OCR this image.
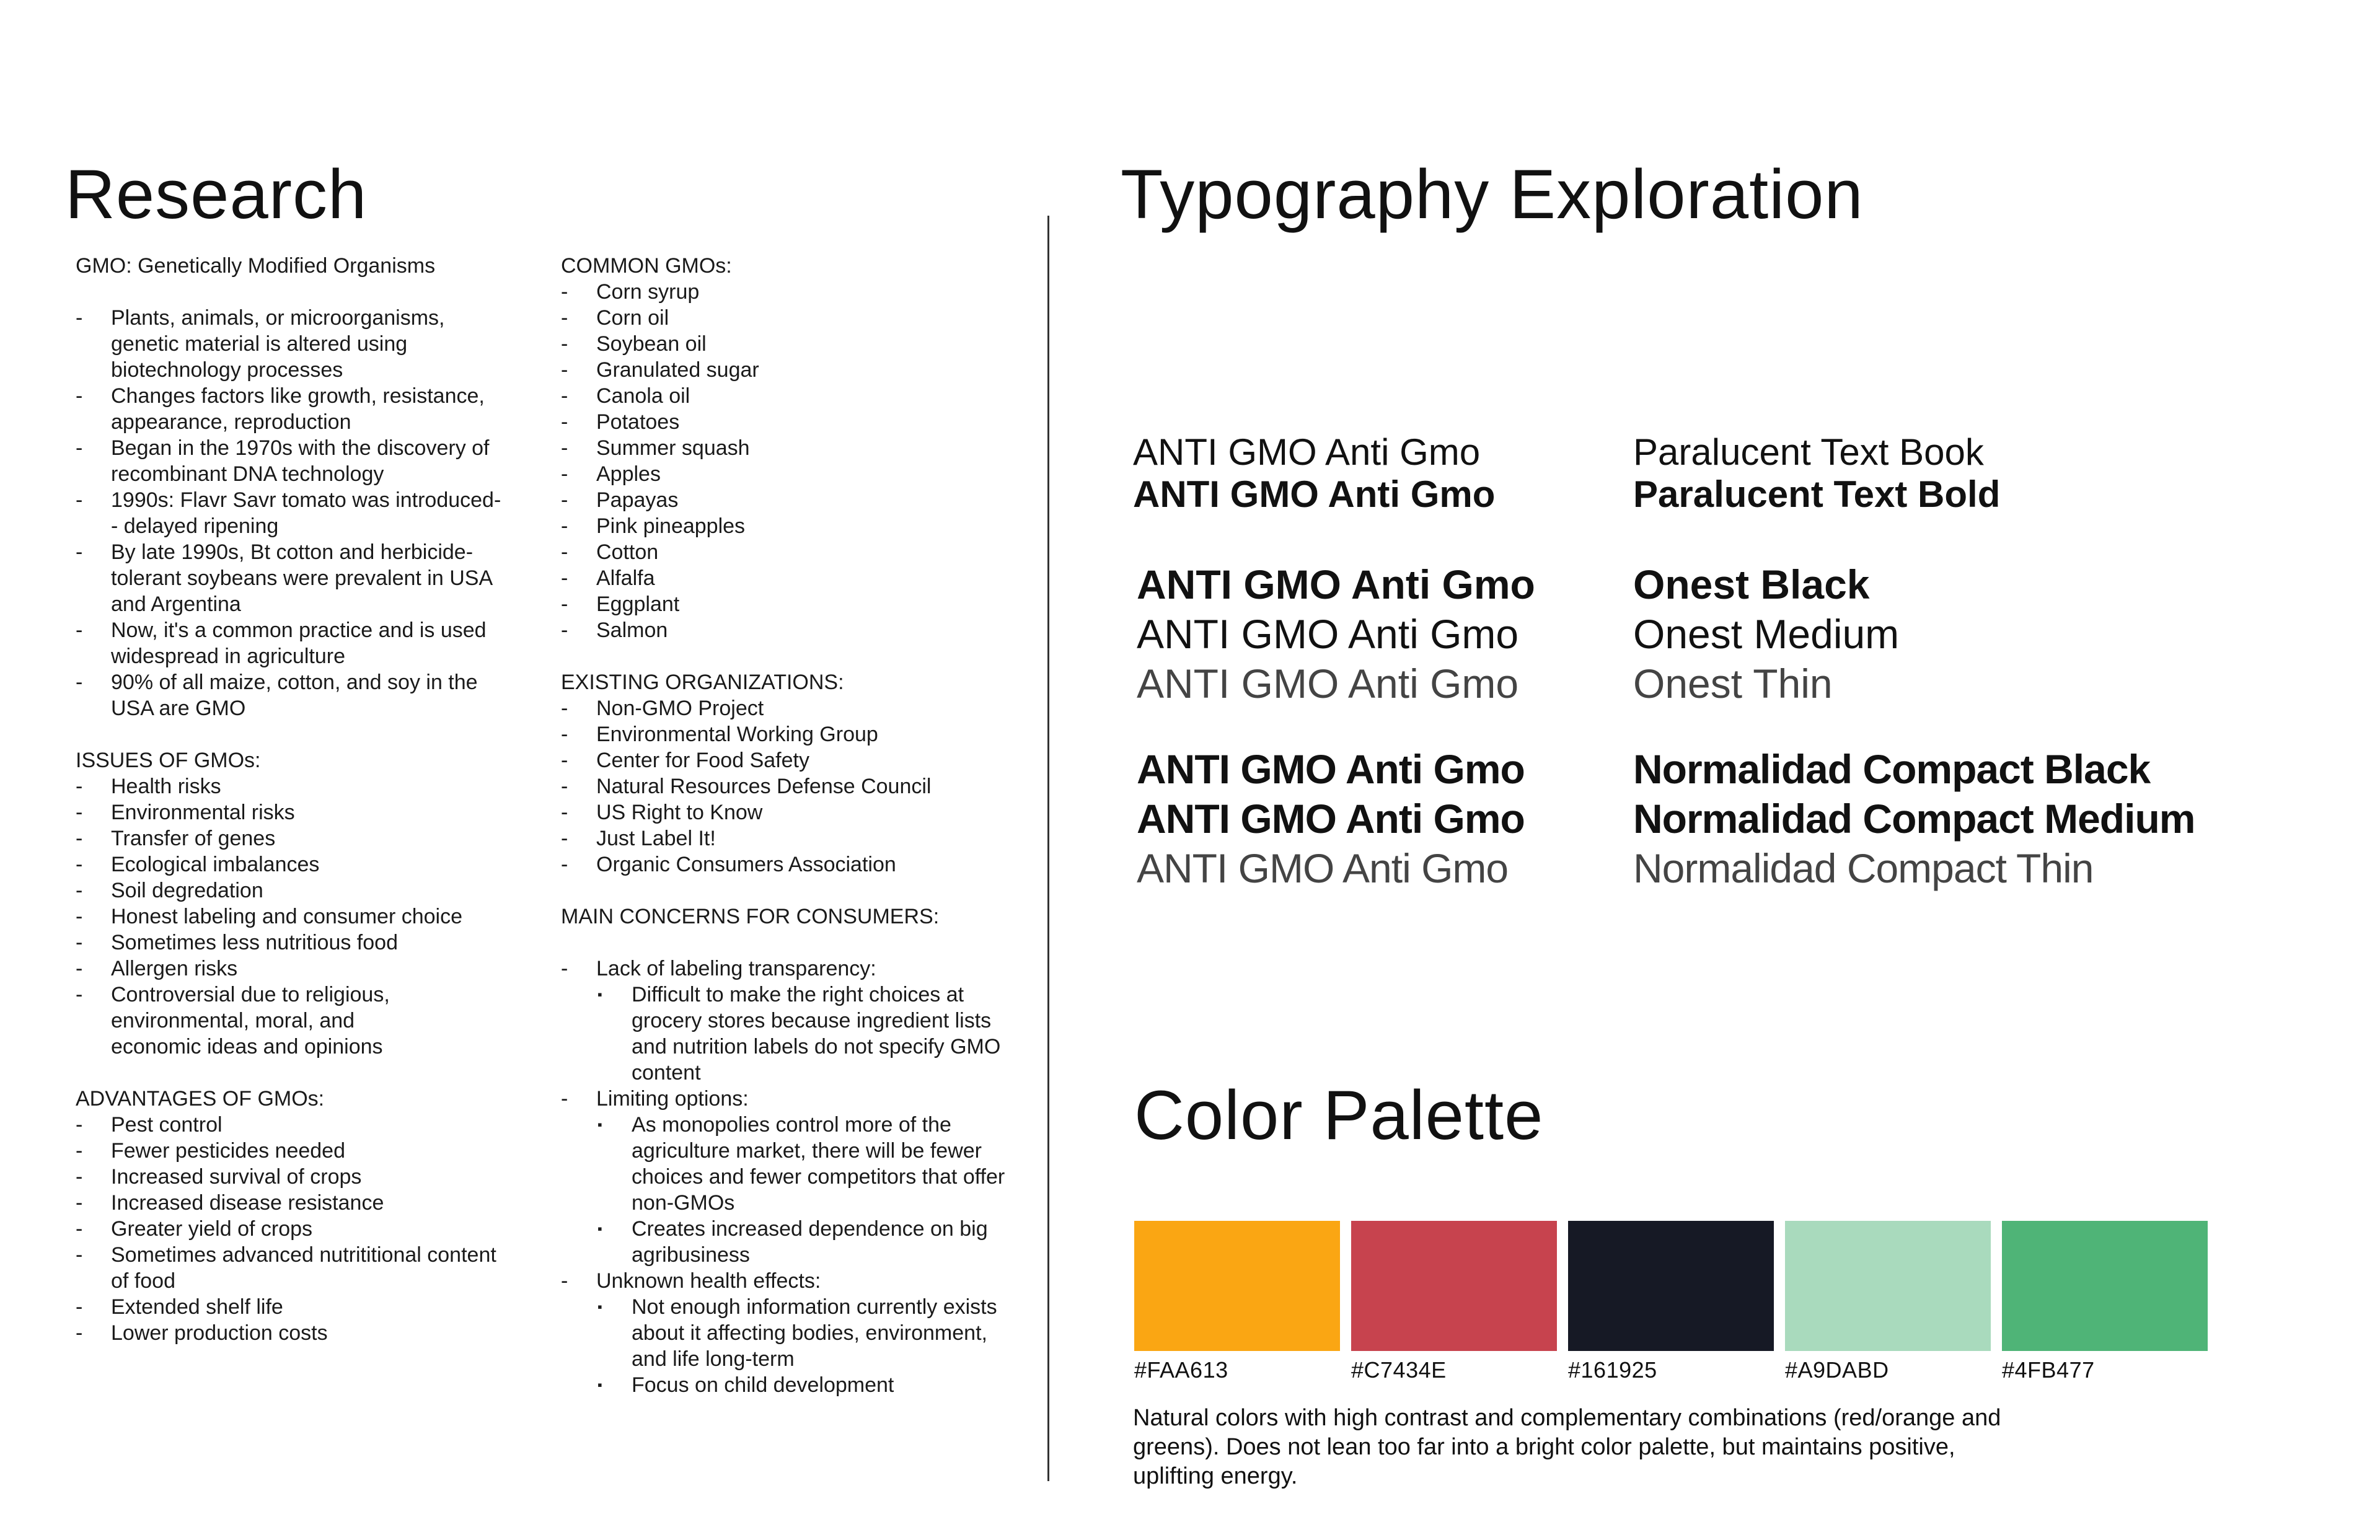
Research
GMO: Genetically Modified Organisms
- Plants, animals, or microorganisms, genetic material is altered using biotechnology processes
- Changes factors like growth, resistance, appearance, reproduction
- Began in the 1970s with the discovery of recombinant DNA technology
- 1990s: Flavr Savr tomato was introduced-- delayed ripening
- By late 1990s, Bt cotton and herbicide-tolerant soybeans were prevalent in USA and Argentina
- Now, it's a common practice and is used widespread in agriculture
- 90% of all maize, cotton, and soy in the USA are GMO
ISSUES OF GMOs:
- Health risks
- Environmental risks
- Transfer of genes
- Ecological imbalances
- Soil degredation
- Honest labeling and consumer choice
- Sometimes less nutritious food
- Allergen risks
- Controversial due to religious, environmental, moral, and economic ideas and opinions
ADVANTAGES OF GMOs:
- Pest control
- Fewer pesticides needed
- Increased survival of crops
- Increased disease resistance
- Greater yield of crops
- Sometimes advanced nutrititional content of food
- Extended shelf life
- Lower production costs
COMMON GMOs:
- Corn syrup
- Corn oil
- Soybean oil
- Granulated sugar
- Canola oil
- Potatoes
- Summer squash
- Apples
- Papayas
- Pink pineapples
- Cotton
- Alfalfa
- Eggplant
- Salmon
EXISTING ORGANIZATIONS:
- Non-GMO Project
- Environmental Working Group
- Center for Food Safety
- Natural Resources Defense Council
- US Right to Know
- Just Label It!
- Organic Consumers Association
MAIN CONCERNS FOR CONSUMERS:
- Lack of labeling transparency:
▪ Difficult to make the right choices at grocery stores because ingredient lists and nutrition labels do not specify GMO content
- Limiting options:
▪ As monopolies control more of the agriculture market, there will be fewer choices and fewer competitors that offer non-GMOs
▪ Creates increased dependence on big agribusiness
- Unknown health effects:
▪ Not enough information currently exists about it affecting bodies, environment, and life long-term
▪ Focus on child development
Typography Exploration
ANTI GMO Anti Gmo
ANTI GMO Anti Gmo
ANTI GMO Anti Gmo
ANTI GMO Anti Gmo
ANTI GMO Anti Gmo
ANTI GMO Anti Gmo
ANTI GMO Anti Gmo
ANTI GMO Anti Gmo
Paralucent Text Book
Paralucent Text Bold
Onest Black
Onest Medium
Onest Thin
Normalidad Compact Black
Normalidad Compact Medium
Normalidad Compact Thin
Color Palette
#FAA613	#C7434E	#161925	#A9DABD	#4FB477
Natural colors with high contrast and complementary combinations (red/orange and greens). Does not lean too far into a bright color palette, but maintains positive, uplifting energy.
